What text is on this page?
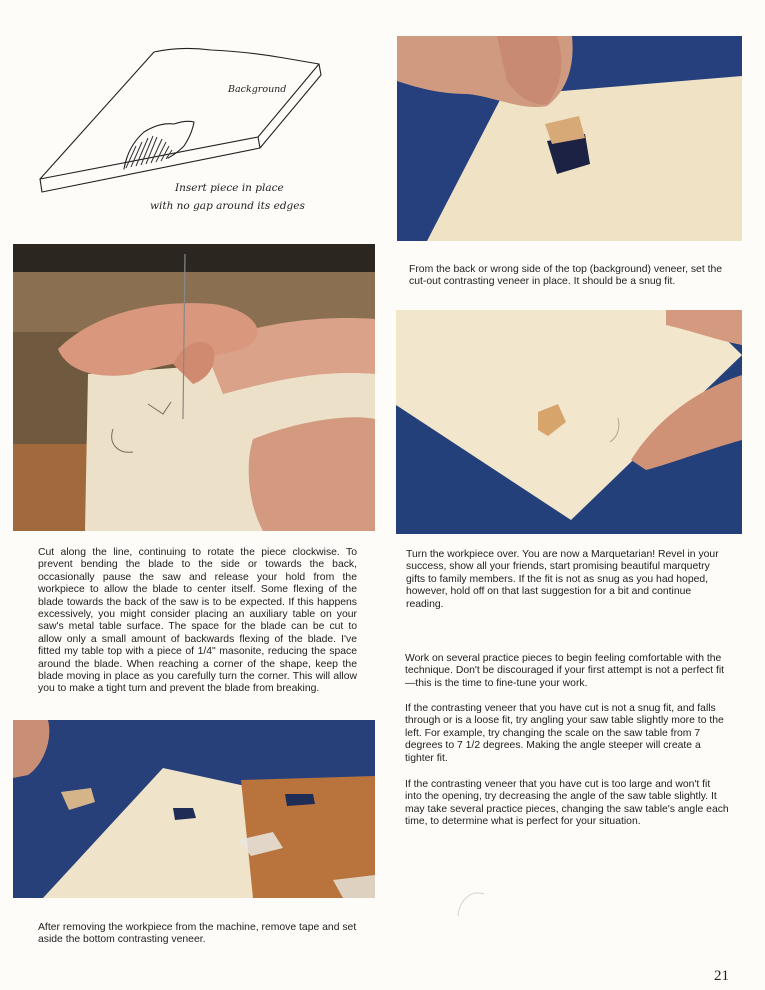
Background
Insert piece in place
with no gap around its edges
Cut along the line, continuing to rotate the piece clockwise. To prevent bending the blade to the side or towards the back, occasionally pause the saw and release your hold from the workpiece to allow the blade to center itself. Some flexing of the blade towards the back of the saw is to be expected. If this happens excessively, you might consider placing an auxiliary table on your saw's metal table surface. The space for the blade can be cut to allow only a small amount of backwards flexing of the blade. I've fitted my table top with a piece of 1/4" masonite, reducing the space around the blade. When reaching a corner of the shape, keep the blade moving in place as you carefully turn the corner. This will allow you to make a tight turn and prevent the blade from breaking.
After removing the workpiece from the machine, remove tape and set aside the bottom contrasting veneer.
From the back or wrong side of the top (background) veneer, set the cut-out contrasting veneer in place. It should be a snug fit.
Turn the workpiece over. You are now a Marquetarian! Revel in your success, show all your friends, start promising beautiful marquetry gifts to family members. If the fit is not as snug as you had hoped, however, hold off on that last suggestion for a bit and continue reading.
Work on several practice pieces to begin feeling comfortable with the technique. Don't be discouraged if your first attempt is not a perfect fit—this is the time to fine-tune your work.
If the contrasting veneer that you have cut is not a snug fit, and falls through or is a loose fit, try angling your saw table slightly more to the left. For example, try changing the scale on the saw table from 7 degrees to 7 1/2 degrees. Making the angle steeper will create a tighter fit.
If the contrasting veneer that you have cut is too large and won't fit into the opening, try decreasing the angle of the saw table slightly. It may take several practice pieces, changing the saw table's angle each time, to determine what is perfect for your situation.
21
